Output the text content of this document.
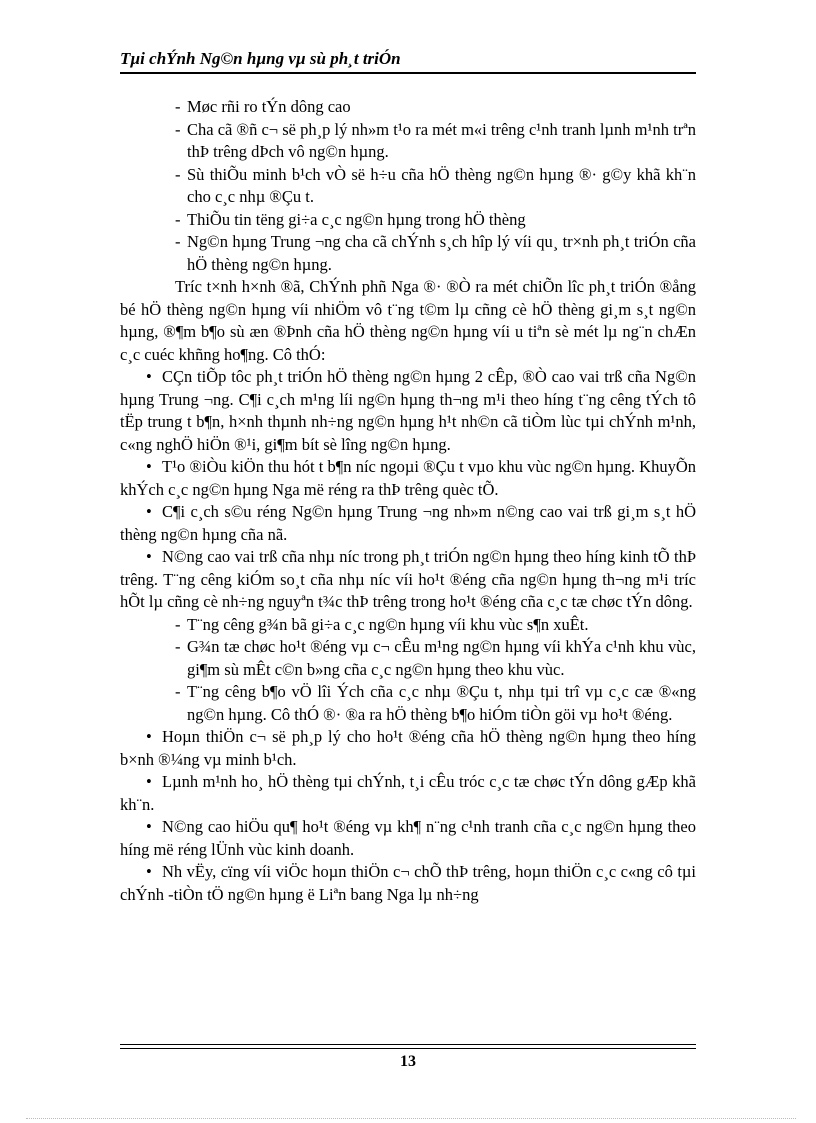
Tµi chÝnh Ng©n hµng vµ sù ph¸t triÓn

- Møc rñi ro tÝn dông cao

- Cha cã ®ñ c¬ së ph¸p lý nh»m t¹o ra mét m«i trêng c¹nh tranh lµnh m¹nh trªn thÞ trêng dÞch vô ng©n hµng.

- Sù thiÕu minh b¹ch vÒ së h÷u cña hÖ thèng ng©n hµng ®· g©y khã kh¨n cho c¸c nhµ ®Çu t.

- ThiÕu tin tëng gi÷a c¸c ng©n hµng trong hÖ thèng

- Ng©n hµng Trung ¬ng cha cã chÝnh s¸ch hîp lý víi qu¸ tr×nh ph¸t triÓn cña hÖ thèng ng©n hµng.

Tríc t×nh h×nh ®ã, ChÝnh phñ Nga ®· ®Ò ra mét chiÕn lîc ph¸t triÓn ®ång bé hÖ thèng ng©n hµng víi nhiÖm vô t¨ng t©m lµ cñng cè hÖ thèng gi¸m s¸t ng©n hµng, ®¶m b¶o sù æn ®Þnh cña hÖ thèng ng©n hµng víi u tiªn sè mét lµ ng¨n chÆn c¸c cuéc khñng ho¶ng. Cô thÓ:

• CÇn tiÕp tôc ph¸t triÓn hÖ thèng ng©n hµng 2 cÊp, ®Ò cao vai trß cña Ng©n hµng Trung ¬ng. C¶i c¸ch m¹ng líi ng©n hµng th¬ng m¹i theo híng t¨ng cêng tÝch tô tËp trung t b¶n, h×nh thµnh nh÷ng ng©n hµng h¹t nh©n cã tiÒm lùc tµi chÝnh m¹nh, c«ng nghÖ hiÖn ®¹i, gi¶m bít sè lîng ng©n hµng.

• T¹o ®iÒu kiÖn thu hót t b¶n níc ngoµi ®Çu t vµo khu vùc ng©n hµng. KhuyÕn khÝch c¸c ng©n hµng Nga më réng ra thÞ trêng quèc tÕ.

• C¶i c¸ch s©u réng Ng©n hµng Trung ¬ng nh»m n©ng cao vai trß gi¸m s¸t hÖ thèng ng©n hµng cña nã.

• N©ng cao vai trß cña nhµ níc trong ph¸t triÓn ng©n hµng theo híng kinh tÕ thÞ trêng. T¨ng cêng kiÓm so¸t cña nhµ níc víi ho¹t ®éng cña ng©n hµng th¬ng m¹i tríc hÕt lµ cñng cè nh÷ng nguyªn t¾c thÞ trêng trong ho¹t ®éng cña c¸c tæ chøc tÝn dông.

- T¨ng cêng g¾n bã gi÷a c¸c ng©n hµng víi khu vùc s¶n xuÊt.

- G¾n tæ chøc ho¹t ®éng vµ c¬ cÊu m¹ng ng©n hµng víi khÝa c¹nh khu vùc, gi¶m sù mÊt c©n b»ng cña c¸c ng©n hµng theo khu vùc.

- T¨ng cêng b¶o vÖ lîi Ých cña c¸c nhµ ®Çu t, nhµ tµi trî vµ c¸c cæ ®«ng ng©n hµng. Cô thÓ ®· ®a ra hÖ thèng b¶o hiÓm tiÒn göi vµ ho¹t ®éng.

• Hoµn thiÖn c¬ së ph¸p lý cho ho¹t ®éng cña hÖ thèng ng©n hµng theo híng b×nh ®¼ng vµ minh b¹ch.

• Lµnh m¹nh ho¸ hÖ thèng tµi chÝnh, t¸i cÊu tróc c¸c tæ chøc tÝn dông gÆp khã kh¨n.

• N©ng cao hiÖu qu¶ ho¹t ®éng vµ kh¶ n¨ng c¹nh tranh cña c¸c ng©n hµng theo híng më réng lÜnh vùc kinh doanh.

• Nh vËy, cïng víi viÖc hoµn thiÖn c¬ chÕ thÞ trêng, hoµn thiÖn c¸c c«ng cô tµi chÝnh -tiÒn tÖ ng©n hµng ë Liªn bang Nga lµ nh÷ng

13
